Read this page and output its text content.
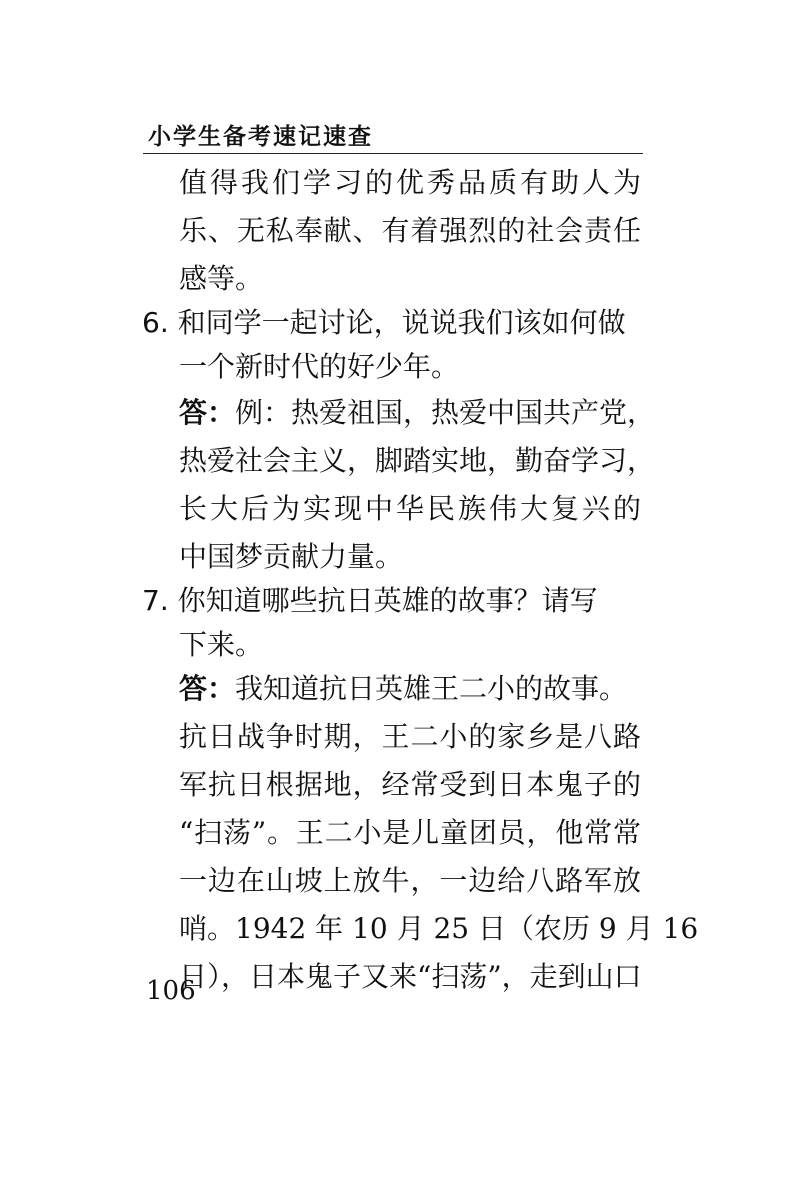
小学生备考速记速查
值得我们学习的优秀品质有助人为
乐、无私奉献、有着强烈的社会责任
感等。
6. 和同学一起讨论，说说我们该如何做
一个新时代的好少年。
答：例：热爱祖国，热爱中国共产党，
热爱社会主义，脚踏实地，勤奋学习，
长大后为实现中华民族伟大复兴的
中国梦贡献力量。
7. 你知道哪些抗日英雄的故事？请写
下来。
答：我知道抗日英雄王二小的故事。
抗日战争时期，王二小的家乡是八路
军抗日根据地，经常受到日本鬼子的
“扫荡”。王二小是儿童团员，他常常
一边在山坡上放牛，一边给八路军放
哨。1942 年 10 月 25 日（农历 9 月 16
日），日本鬼子又来“扫荡”，走到山口
106
